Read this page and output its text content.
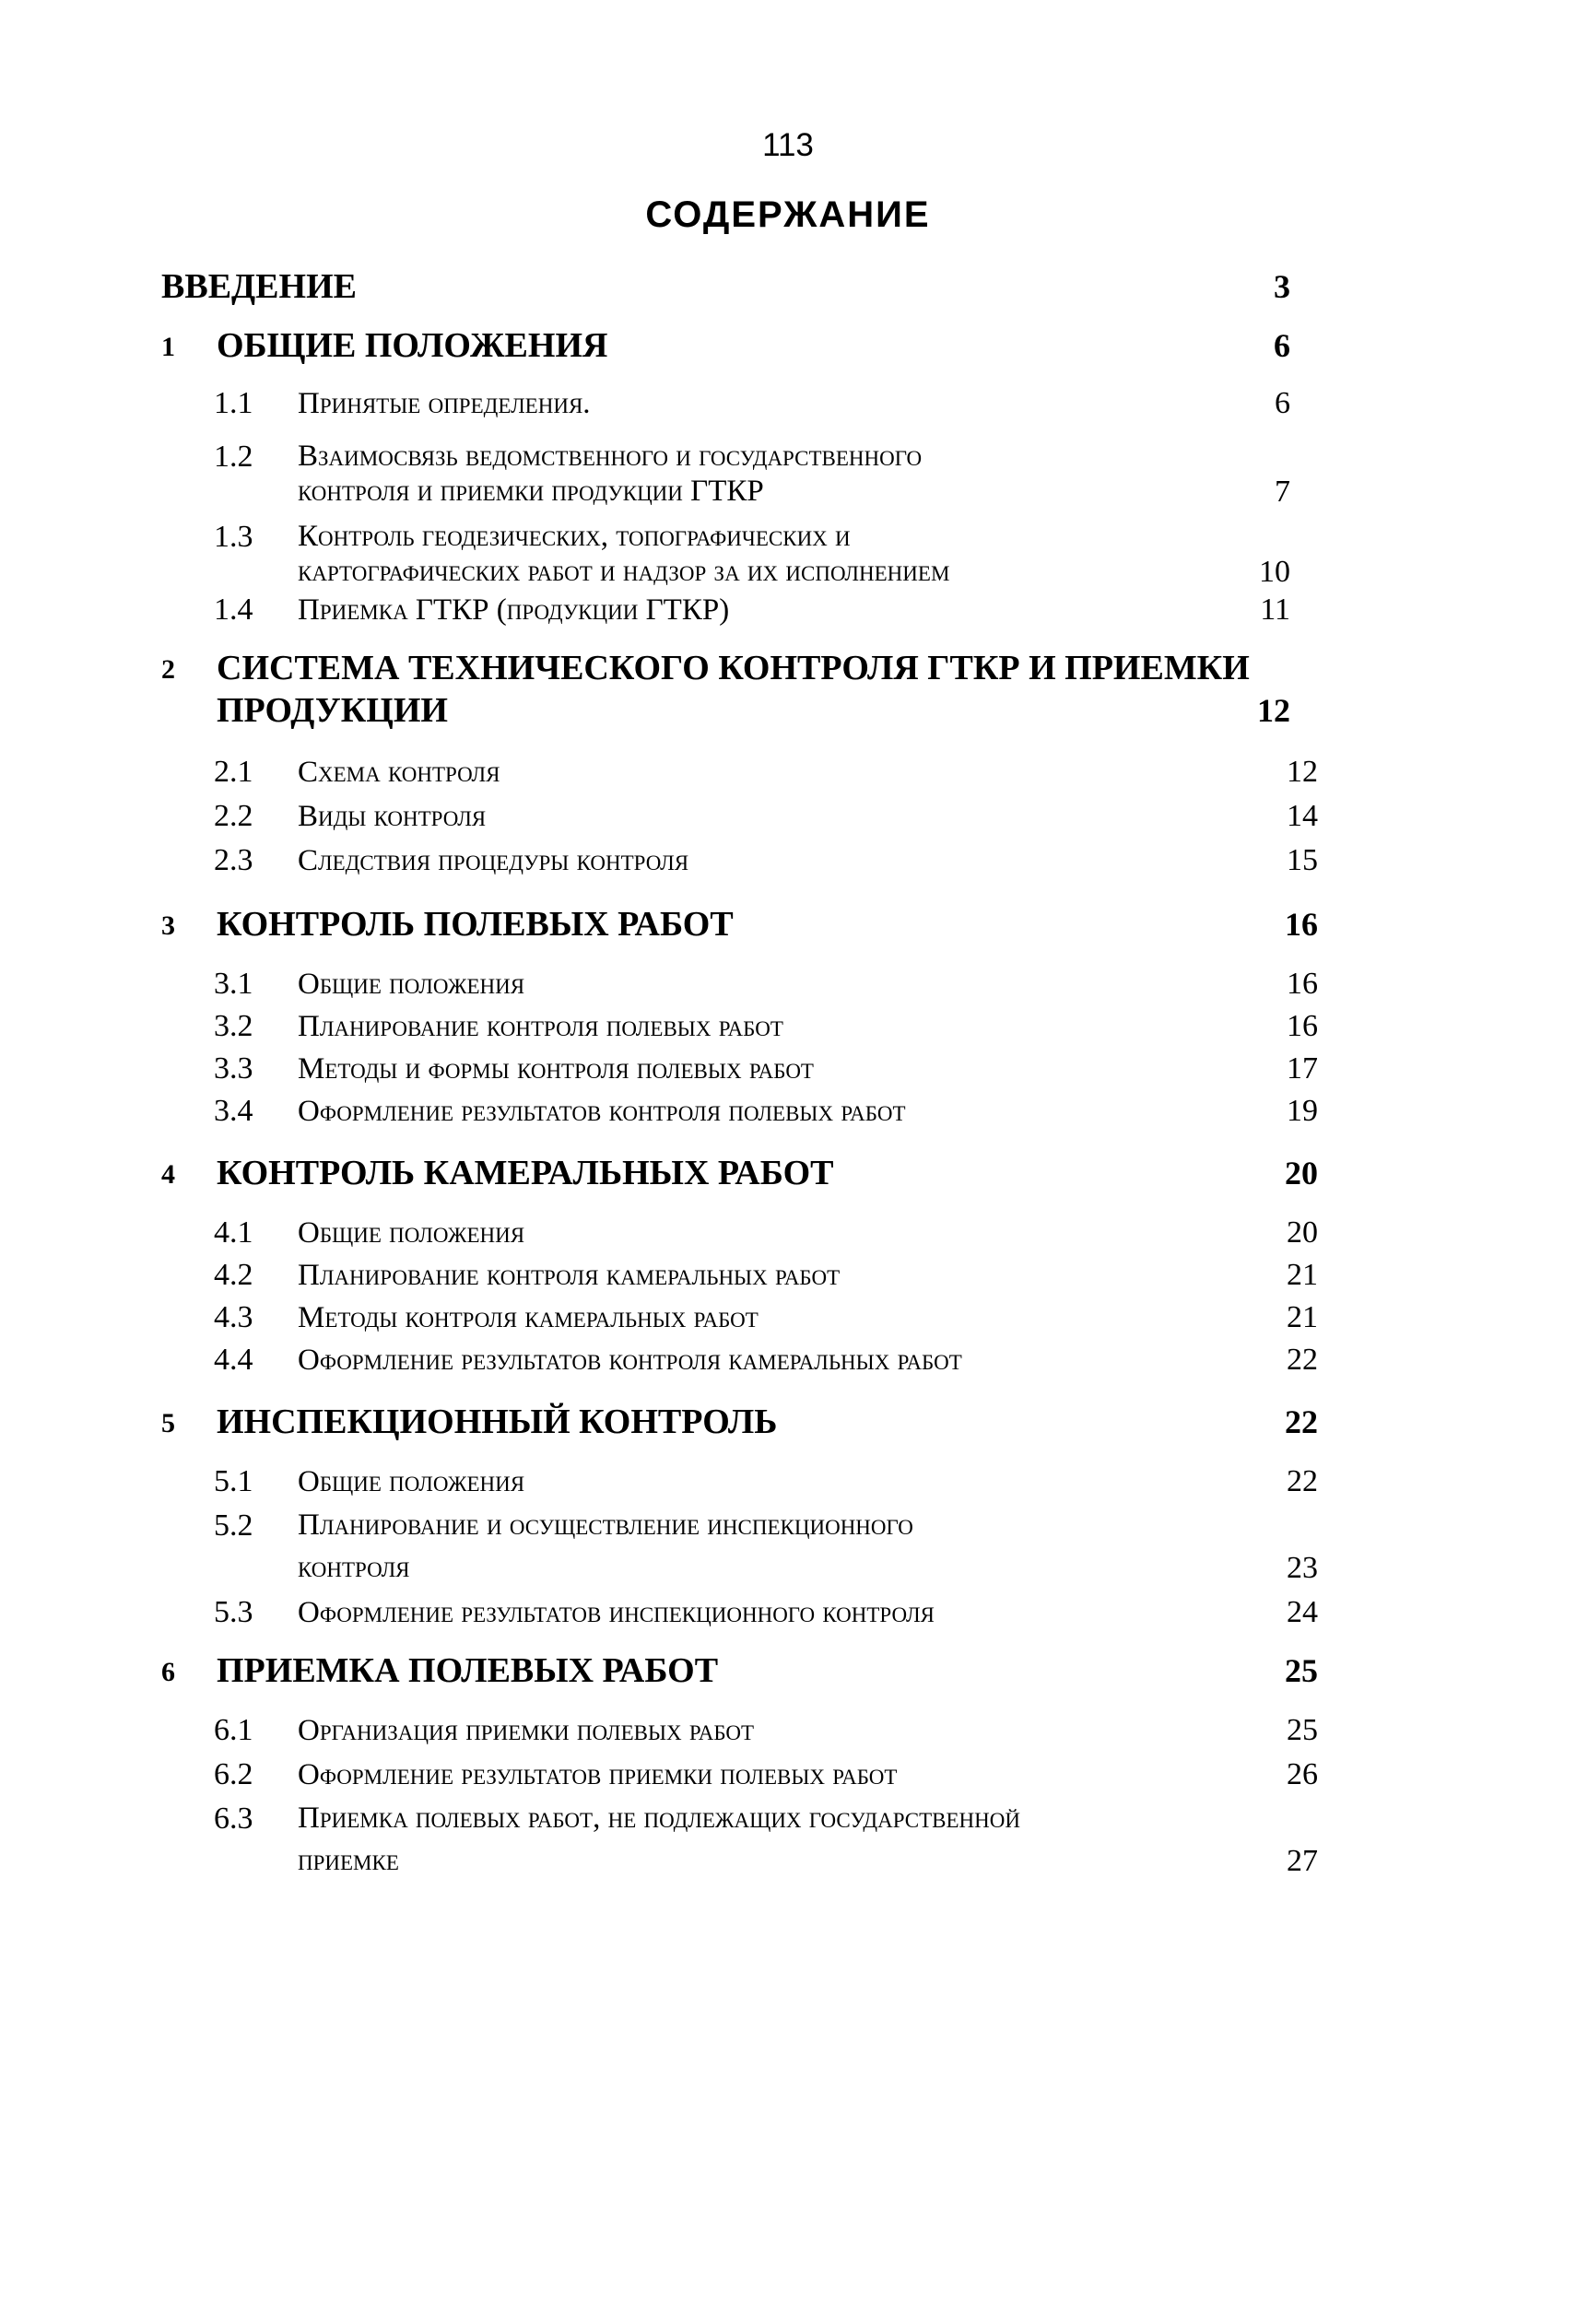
113
СОДЕРЖАНИЕ
ВВЕДЕНИЕ	3
1 ОБЩИЕ ПОЛОЖЕНИЯ	6
1.1 Принятые определения.	6
1.2 Взаимосвязь ведомственного и государственного
контроля и приемки продукции ГТКР	7
1.3 Контроль геодезических, топографических и
картографических работ и надзор за их исполнением	10
1.4 Приемка ГТКР (продукции ГТКР)	11
2 СИСТЕМА ТЕХНИЧЕСКОГО КОНТРОЛЯ ГТКР И ПРИЕМКИ
ПРОДУКЦИИ	12
2.1 Схема контроля	12
2.2 Виды контроля	14
2.3 Следствия процедуры контроля	15
3 КОНТРОЛЬ ПОЛЕВЫХ РАБОТ	16
3.1 Общие положения	16
3.2 Планирование контроля полевых работ	16
3.3 Методы и формы контроля полевых работ	17
3.4 Оформление результатов контроля полевых работ	19
4 КОНТРОЛЬ КАМЕРАЛЬНЫХ РАБОТ	20
4.1 Общие положения	20
4.2 Планирование контроля камеральных работ	21
4.3 Методы контроля камеральных работ	21
4.4 Оформление результатов контроля камеральных работ	22
5 ИНСПЕКЦИОННЫЙ КОНТРОЛЬ	22
5.1 Общие положения	22
5.2 Планирование и осуществление инспекционного
контроля	23
5.3 Оформление результатов инспекционного контроля	24
6 ПРИЕМКА ПОЛЕВЫХ РАБОТ	25
6.1 Организация приемки полевых работ	25
6.2 Оформление результатов приемки полевых работ	26
6.3 Приемка полевых работ, не подлежащих государственной
приемке	27
